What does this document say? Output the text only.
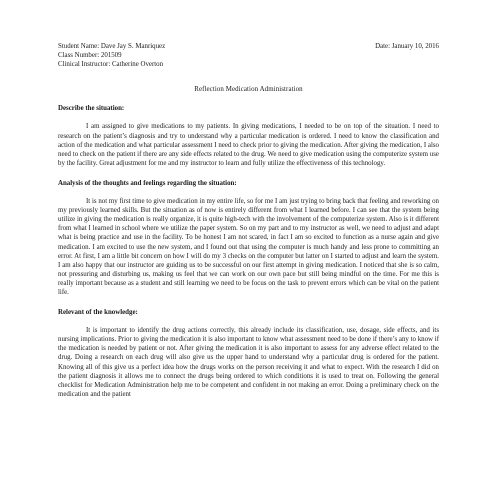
Student Name: Dave Jay S. Manriquez
Class Number: 201509
Clinical Instructor: Catherine Overton
Date: January 10, 2016
Reflection Medication Administration
Describe the situation:

I am assigned to give medications to my patients. In giving medications, I needed to be on top of the situation. I need to research on the patient’s diagnosis and try to understand why a particular medication is ordered. I need to know the classification and action of the medication and what particular assessment I need to check prior to giving the medication. After giving the medication, I also need to check on the patient if there are any side effects related to the drug. We need to give medication using the computerize system use by the facility. Great adjustment for me and my instructor to learn and fully utilize the effectiveness of this technology.

Analysis of the thoughts and feelings regarding the situation:

It is not my first time to give medication in my entire life, so for me I am just trying to bring back that feeling and reworking on my previously learned skills. But the situation as of now is entirely different from what I learned before. I can see that the system being utilize in giving the medication is really organize, it is quite high-tech with the involvement of the computerize system. Also is it different from what I learned in school where we utilize the paper system. So on my part and to my instructor as well, we need to adjust and adapt what is being practice and use in the facility. To be honest I am not scared, in fact I am so excited to function as a nurse again and give medication. I am excited to use the new system, and I found out that using the computer is much handy and less prone to committing an error. At first, I am a little bit concern on how I will do my 3 checks on the computer but latter on I started to adjust and learn the system. I am also happy that our instructor are guiding us to be successful on our first attempt in giving medication. I noticed that she is so calm, not pressuring and disturbing us, making us feel that we can work on our own pace but still being mindful on the time. For me this is really important because as a student and still learning we need to be focus on the task to prevent errors which can be vital on the patient life.

Relevant of the knowledge:

It is important to identify the drug actions correctly, this already include its classification, use, dosage, side effects, and its nursing implications. Prior to giving the medication it is also important to know what assessment need to be done if there’s any to know if the medication is needed by patient or not. After giving the medication it is also important to assess for any adverse effect related to the drug. Doing a research on each drug will also give us the upper hand to understand why a particular drug is ordered for the patient. Knowing all of this give us a perfect idea how the drugs works on the person receiving it and what to expect. With the research I did on the patient diagnosis it allows me to connect the drugs being ordered to which conditions it is used to treat on. Following the general checklist for Medication Administration help me to be competent and confident in not making an error. Doing a preliminary check on the medication and the patient
